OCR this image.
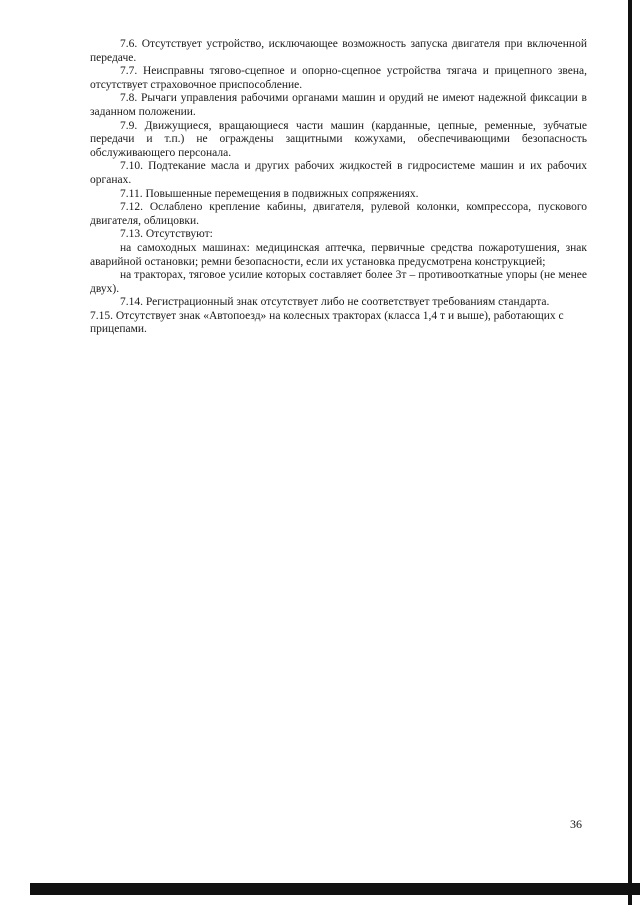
7.6. Отсутствует устройство, исключающее возможность запуска двигателя при включенной передаче.

7.7. Неисправны тягово-сцепное и опорно-сцепное устройства тягача и прицепного звена, отсутствует страховочное приспособление.

7.8. Рычаги управления рабочими органами машин и орудий не имеют надежной фиксации в заданном положении.

7.9. Движущиеся, вращающиеся части машин (карданные, цепные, ременные, зубчатые передачи и т.п.) не ограждены защитными кожухами, обеспечивающими безопасность обслуживающего персонала.

7.10. Подтекание масла и других рабочих жидкостей в гидросистеме машин и их рабочих органах.

7.11. Повышенные перемещения в подвижных сопряжениях.

7.12. Ослаблено крепление кабины, двигателя, рулевой колонки, компрессора, пускового двигателя, облицовки.

7.13. Отсутствуют:

на самоходных машинах: медицинская аптечка, первичные средства пожаротушения, знак аварийной остановки; ремни безопасности, если их установка предусмотрена конструкцией;

на тракторах, тяговое усилие которых составляет более 3т – противооткатные упоры (не менее двух).

7.14. Регистрационный знак отсутствует либо не соответствует требованиям стандарта.

7.15. Отсутствует знак «Автопоезд» на колесных тракторах (класса 1,4 т и выше), работающих с прицепами.

36
